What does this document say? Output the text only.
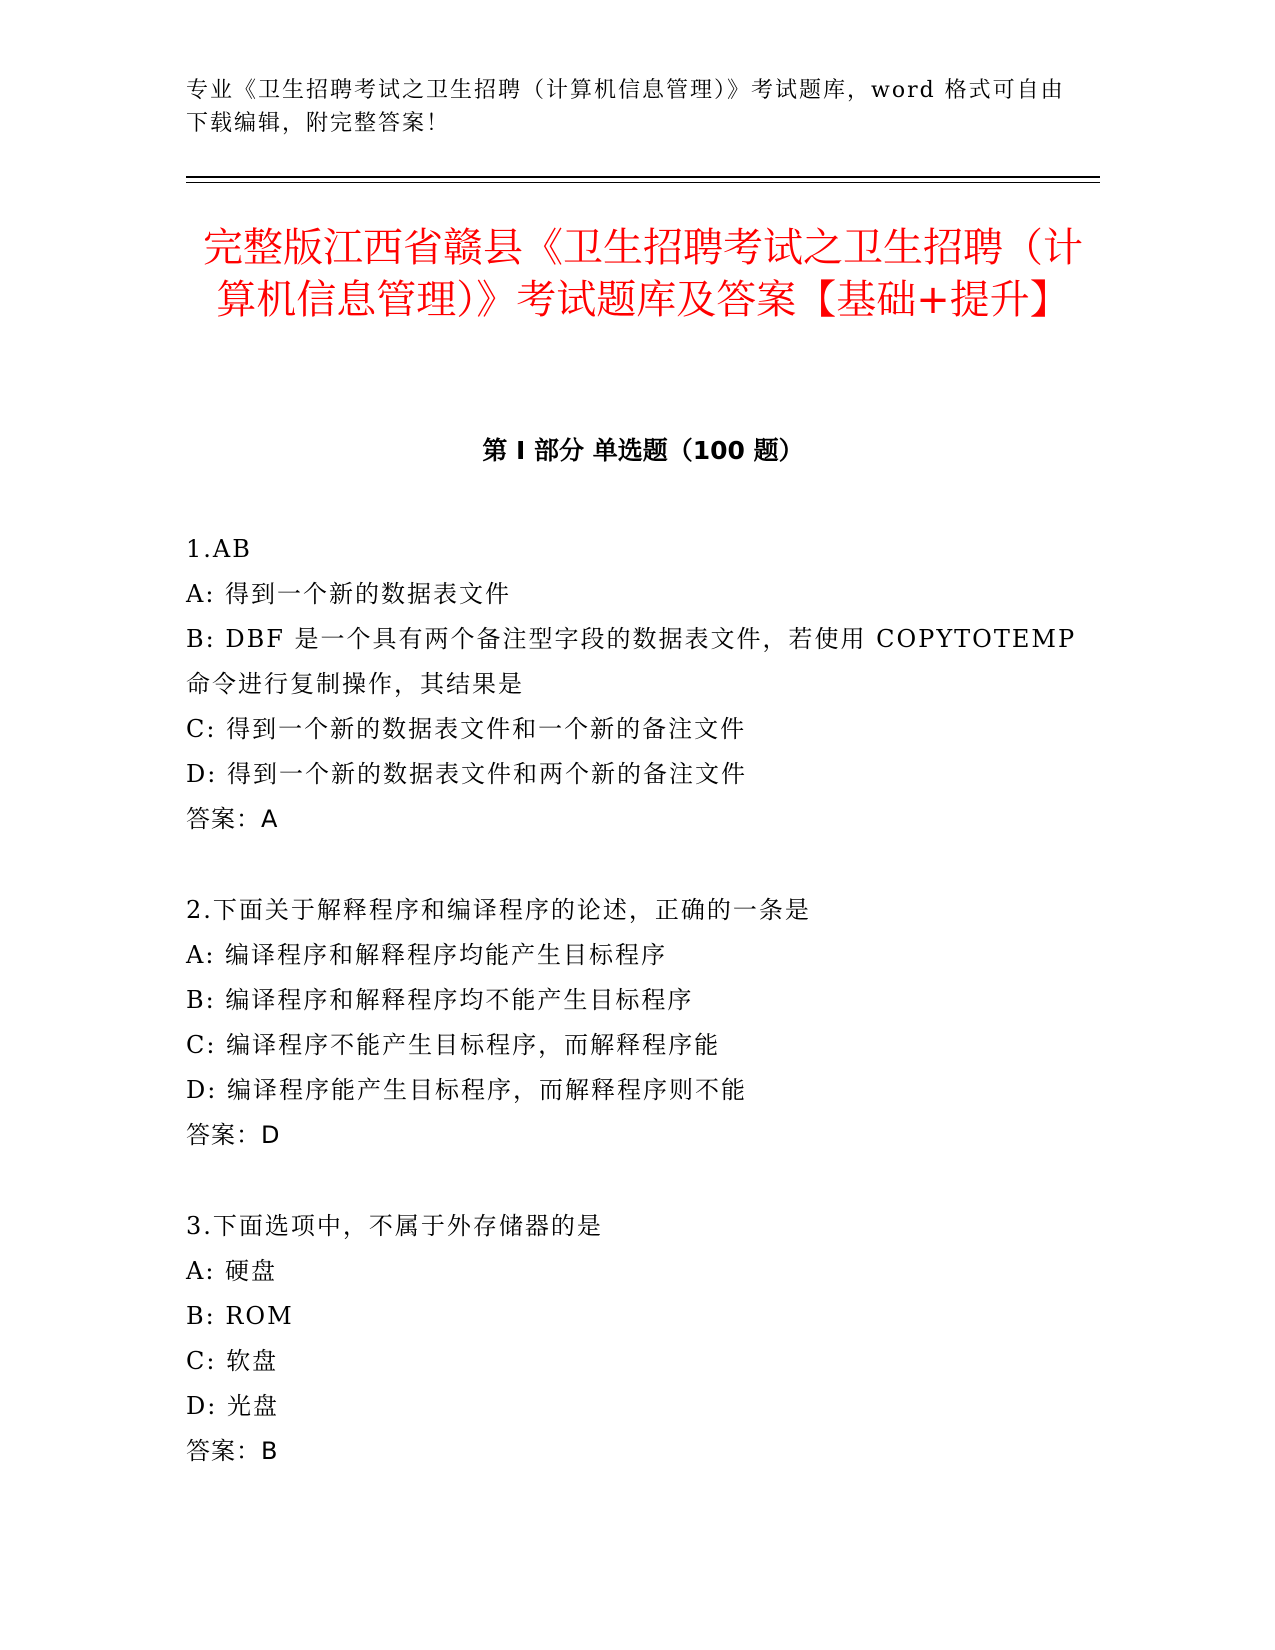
专业《卫生招聘考试之卫生招聘（计算机信息管理）》考试题库，word 格式可自由下载编辑，附完整答案！
完整版江西省赣县《卫生招聘考试之卫生招聘（计算机信息管理）》考试题库及答案【基础+提升】
第 I 部分 单选题（100 题）
1.AB
A: 得到一个新的数据表文件
B: DBF 是一个具有两个备注型字段的数据表文件，若使用 COPYTOTEMP 命令进行复制操作，其结果是
C: 得到一个新的数据表文件和一个新的备注文件
D: 得到一个新的数据表文件和两个新的备注文件
答案：A
2.下面关于解释程序和编译程序的论述，正确的一条是
A: 编译程序和解释程序均能产生目标程序
B: 编译程序和解释程序均不能产生目标程序
C: 编译程序不能产生目标程序，而解释程序能
D: 编译程序能产生目标程序，而解释程序则不能
答案：D
3.下面选项中，不属于外存储器的是
A: 硬盘
B: ROM
C: 软盘
D: 光盘
答案：B
